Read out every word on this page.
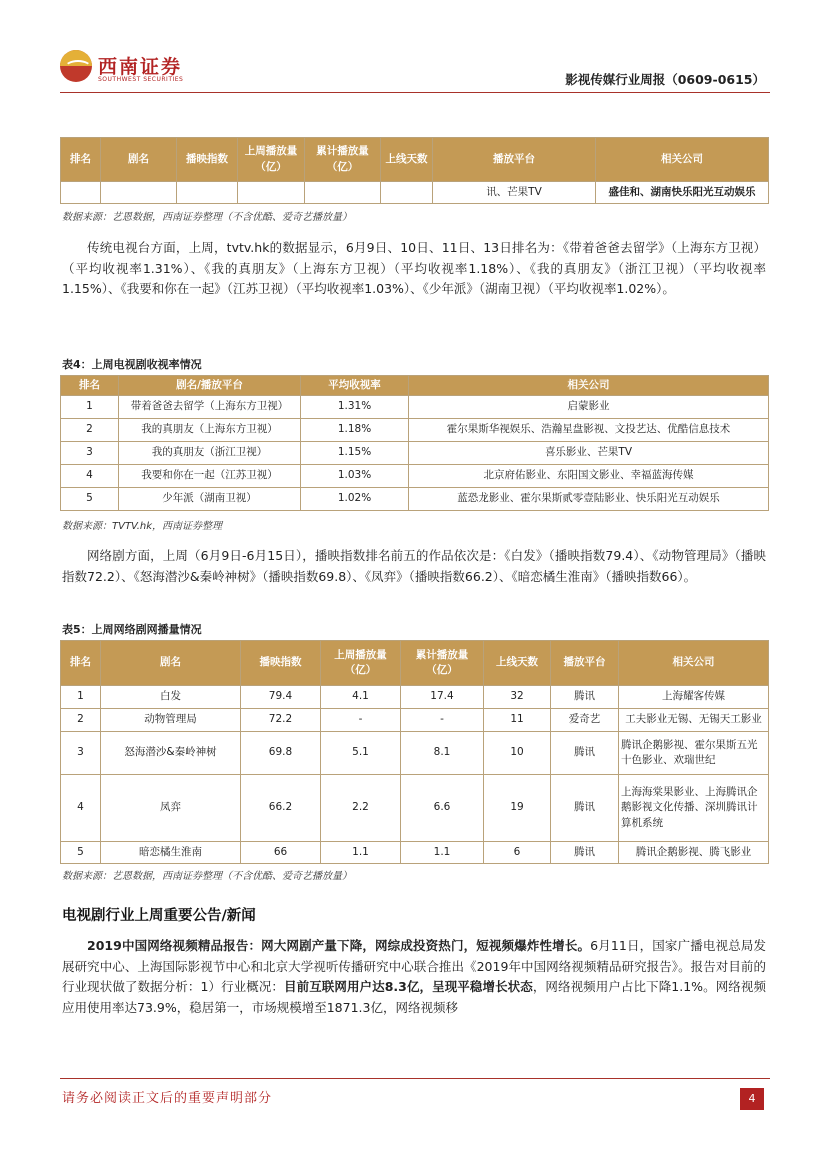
西南证券
SOUTHWEST SECURITIES	影视传媒行业周报（0609-0615）
排名	剧名	播映指数	上周播放量（亿）	累计播放量（亿）	上线天数	播放平台	相关公司
						讯、芒果TV	盛佳和、湖南快乐阳光互动娱乐
数据来源：艺恩数据，西南证券整理（不含优酷、爱奇艺播放量）
传统电视台方面，上周，tvtv.hk的数据显示，6月9日、10日、11日、13日排名为：《带着爸爸去留学》（上海东方卫视）（平均收视率1.31%）、《我的真朋友》（上海东方卫视）（平均收视率1.18%）、《我的真朋友》（浙江卫视）（平均收视率1.15%）、《我要和你在一起》（江苏卫视）（平均收视率1.03%）、《少年派》（湖南卫视）（平均收视率1.02%）。
表4：上周电视剧收视率情况
排名	剧名/播放平台	平均收视率	相关公司
1	带着爸爸去留学（上海东方卫视）	1.31%	启蒙影业
2	我的真朋友（上海东方卫视）	1.18%	霍尔果斯华视娱乐、浩瀚星盘影视、文投艺达、优酷信息技术
3	我的真朋友（浙江卫视）	1.15%	喜乐影业、芒果TV
4	我要和你在一起（江苏卫视）	1.03%	北京府佑影业、东阳国文影业、幸福蓝海传媒
5	少年派（湖南卫视）	1.02%	蓝恐龙影业、霍尔果斯贰零壹陆影业、快乐阳光互动娱乐
数据来源：TVTV.hk，西南证券整理
网络剧方面，上周（6月9日-6月15日），播映指数排名前五的作品依次是：《白发》（播映指数79.4）、《动物管理局》（播映指数72.2）、《怒海潜沙&秦岭神树》（播映指数69.8）、《凤弈》（播映指数66.2）、《暗恋橘生淮南》（播映指数66）。
表5：上周网络剧网播量情况
排名	剧名	播映指数	上周播放量（亿）	累计播放量（亿）	上线天数	播放平台	相关公司
1	白发	79.4	4.1	17.4	32	腾讯	上海耀客传媒
2	动物管理局	72.2	-	-	11	爱奇艺	工夫影业无锡、无锡天工影业
3	怒海潜沙&秦岭神树	69.8	5.1	8.1	10	腾讯	腾讯企鹅影视、霍尔果斯五光十色影业、欢瑞世纪
4	凤弈	66.2	2.2	6.6	19	腾讯	上海海棠果影业、上海腾讯企鹅影视文化传播、深圳腾讯计算机系统
5	暗恋橘生淮南	66	1.1	1.1	6	腾讯	腾讯企鹅影视、腾飞影业
数据来源：艺恩数据，西南证券整理（不含优酷、爱奇艺播放量）
电视剧行业上周重要公告/新闻
2019中国网络视频精品报告：网大网剧产量下降，网综成投资热门，短视频爆炸性增长。6月11日，国家广播电视总局发展研究中心、上海国际影视节中心和北京大学视听传播研究中心联合推出《2019年中国网络视频精品研究报告》。报告对目前的行业现状做了数据分析：1）行业概况：目前互联网用户达8.3亿，呈现平稳增长状态，网络视频用户占比下降1.1%。网络视频应用使用率达73.9%，稳居第一，市场规模增至1871.3亿，网络视频移
请务必阅读正文后的重要声明部分	4
